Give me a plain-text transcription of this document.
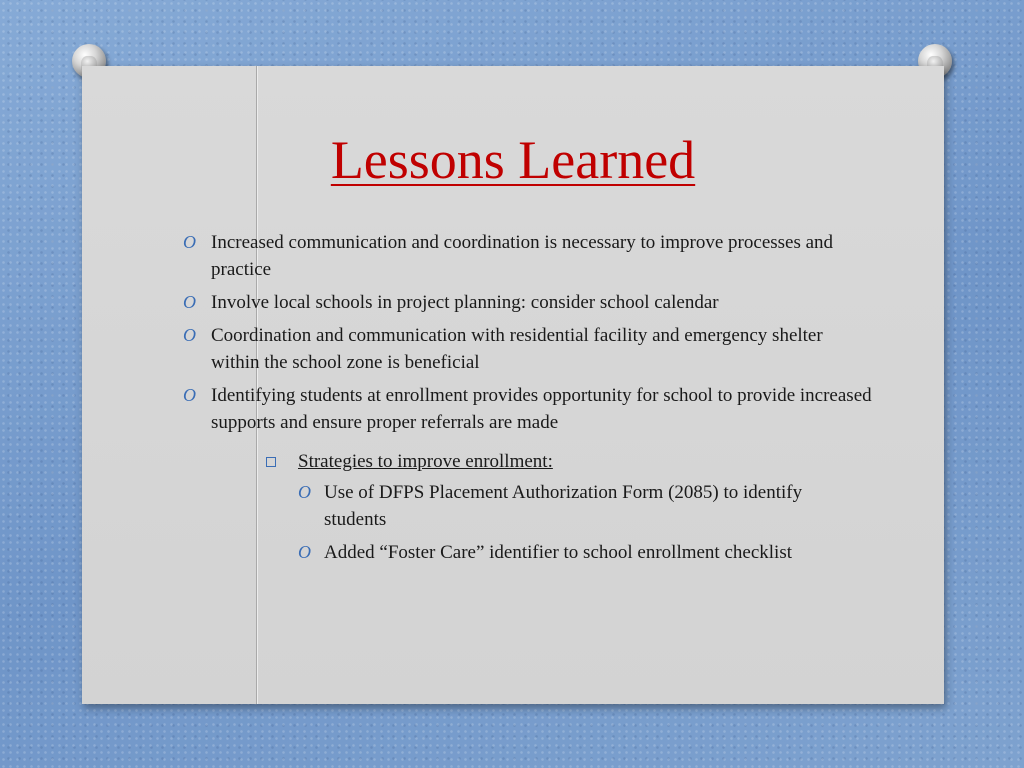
Lessons Learned
O Increased communication and coordination is necessary to improve processes and practice
O Involve local schools in project planning: consider school calendar
O Coordination and communication with residential facility and emergency shelter within the school zone is beneficial
O Identifying students at enrollment provides opportunity for school to provide increased supports and ensure proper referrals are made
Strategies to improve enrollment:
O Use of DFPS Placement Authorization Form (2085) to identify students
O Added “Foster Care” identifier to school enrollment checklist
